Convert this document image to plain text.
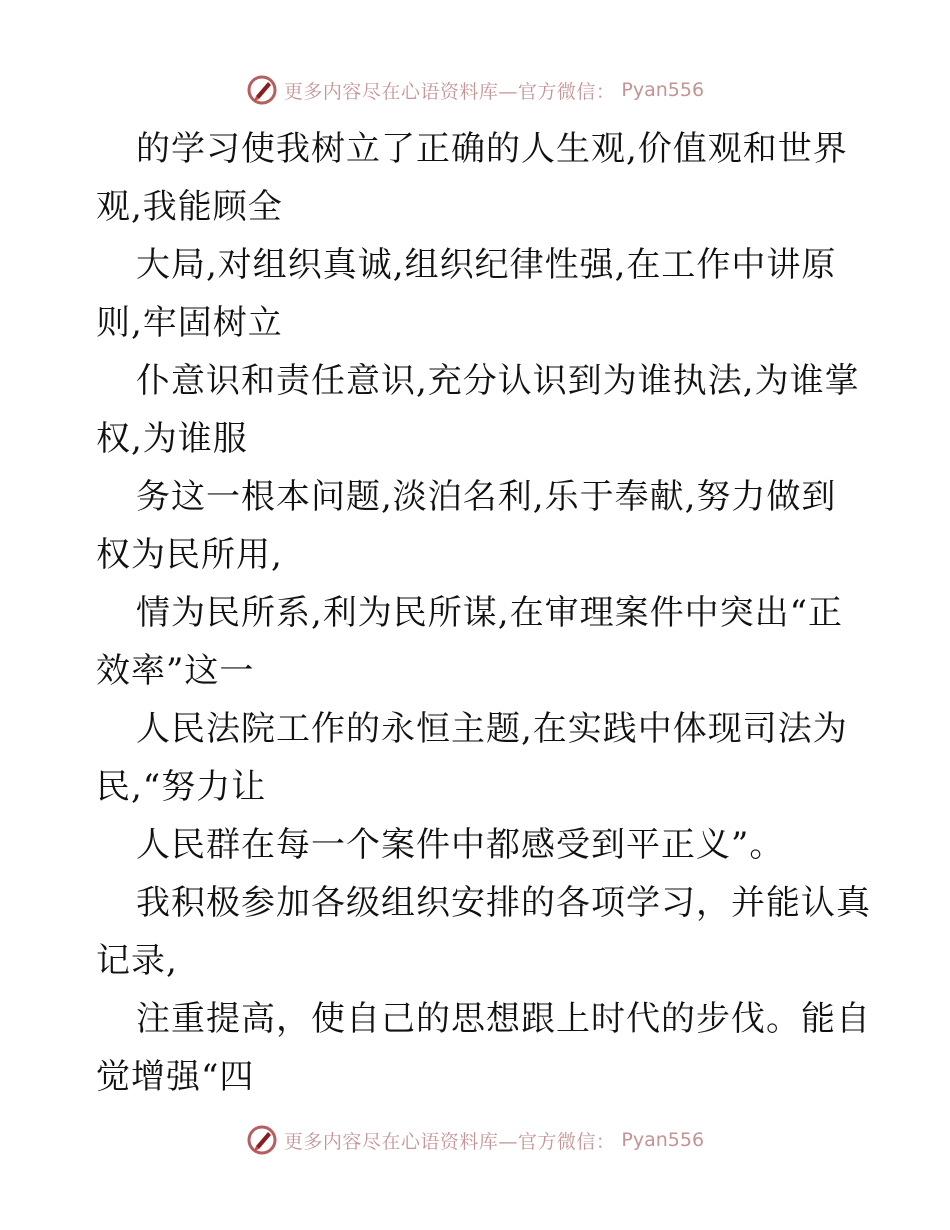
更多内容尽在心语资料库—官方微信： Pyan556
的学习使我树立了正确的人生观,价值观和世界
观,我能顾全
大局,对组织真诚,组织纪律性强,在工作中讲原
则,牢固树立
仆意识和责任意识,充分认识到为谁执法,为谁掌
权,为谁服
务这一根本问题,淡泊名利,乐于奉献,努力做到
权为民所用,
情为民所系,利为民所谋,在审理案件中突出“正
效率”这一
人民法院工作的永恒主题,在实践中体现司法为
民,“努力让
人民群在每一个案件中都感受到平正义”。
我积极参加各级组织安排的各项学习，并能认真
记录,
注重提高，使自己的思想跟上时代的步伐。能自
觉增强“四
更多内容尽在心语资料库—官方微信： Pyan556
